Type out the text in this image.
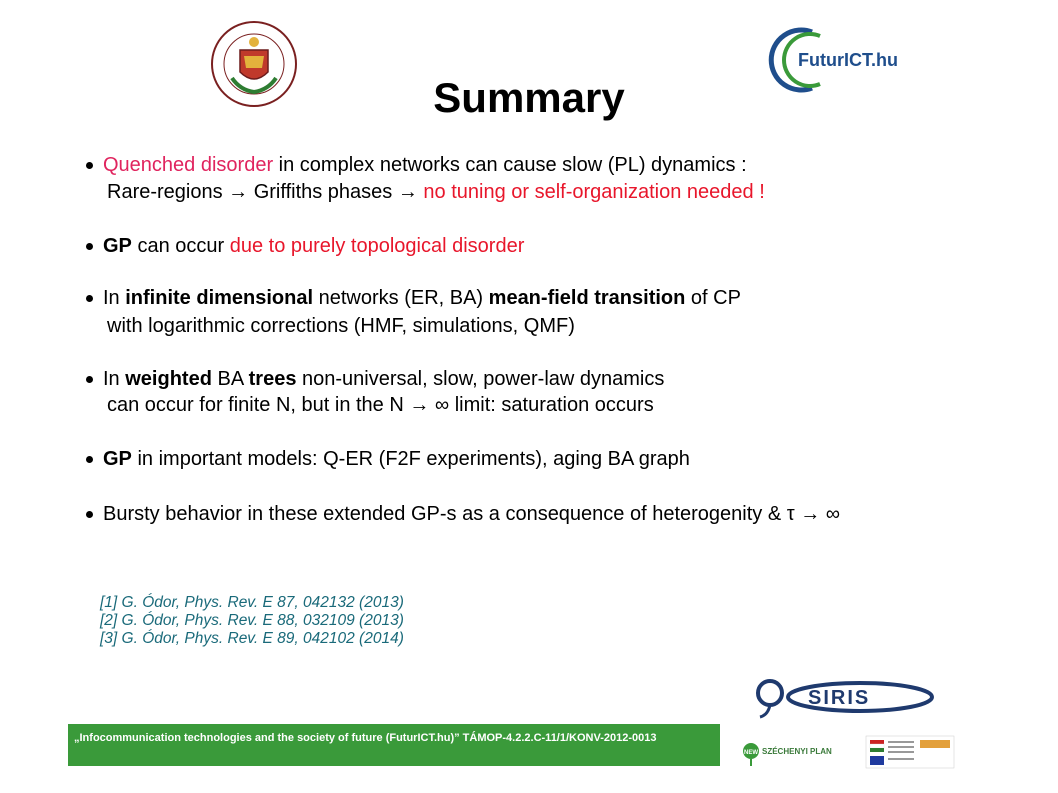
FuturICT.hu
Summary
Quenched disorder in complex networks can cause slow (PL) dynamics :
Rare-regions → Griffiths phases → no tuning or self-organization needed !
GP can occur due to purely topological disorder
In infinite dimensional networks (ER, BA) mean-field transition of CP
with logarithmic corrections (HMF, simulations, QMF)
In weighted BA trees non-universal, slow, power-law dynamics
can occur for finite N, but in the N → ∞ limit: saturation occurs
GP in important models: Q-ER (F2F experiments), aging BA graph
Bursty behavior in these extended GP-s as a consequence of heterogenity & τ → ∞
[1] G. Ódor, Phys. Rev. E 87, 042132 (2013)
[2] G. Ódor, Phys. Rev. E 88, 032109 (2013)
[3] G. Ódor, Phys. Rev. E 89, 042102 (2014)
SIRIS
„Infocommunication technologies and the society of future (FuturICT.hu)” TÁMOP-4.2.2.C-11/1/KONV-2012-0013
NEW SZÉCHENYI PLAN
